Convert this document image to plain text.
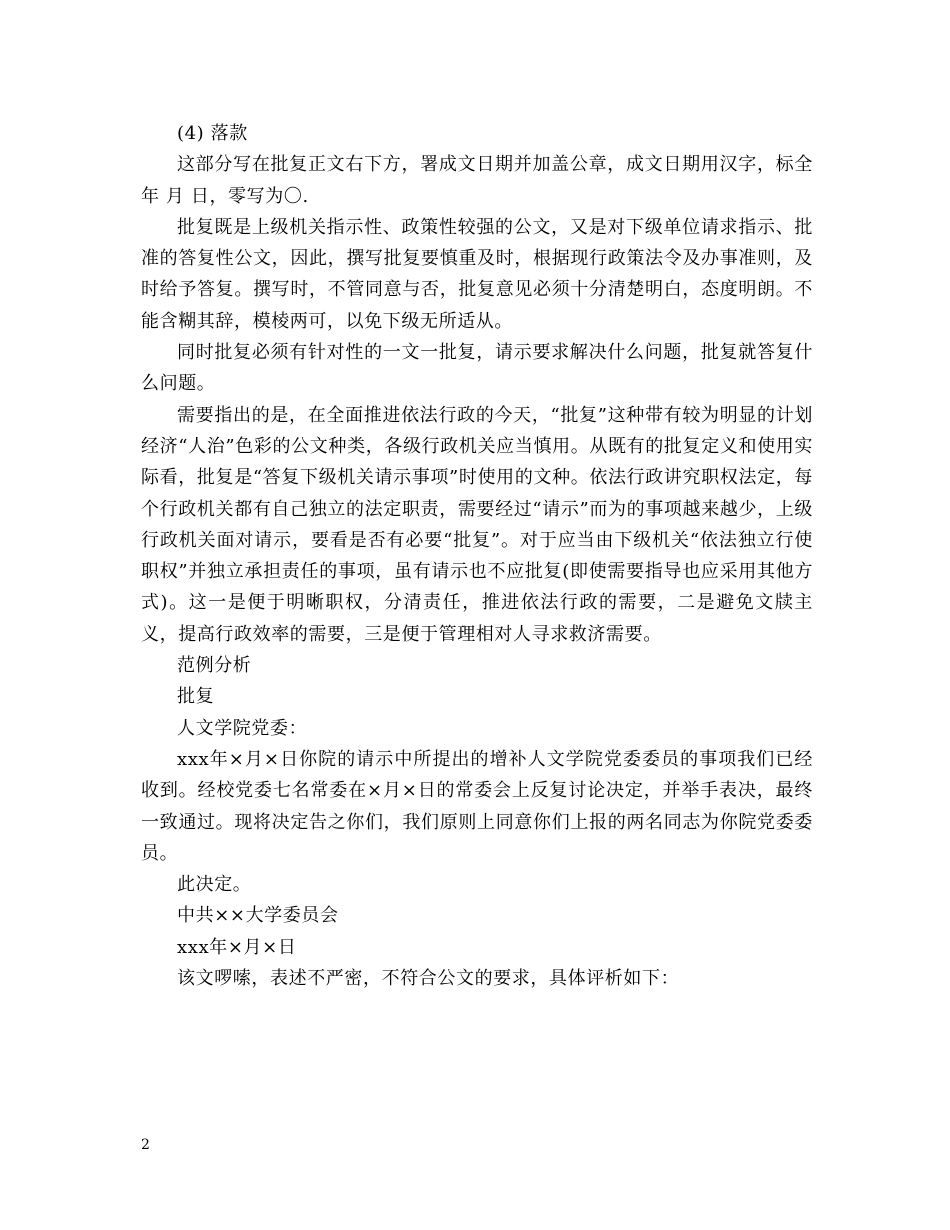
(4) 落款

这部分写在批复正文右下方，署成文日期并加盖公章，成文日期用汉字，标全年 月 日，零写为〇.

批复既是上级机关指示性、政策性较强的公文，又是对下级单位请求指示、批准的答复性公文，因此，撰写批复要慎重及时，根据现行政策法令及办事准则，及时给予答复。撰写时，不管同意与否，批复意见必须十分清楚明白，态度明朗。不能含糊其辞，模棱两可，以免下级无所适从。

同时批复必须有针对性的一文一批复，请示要求解决什么问题，批复就答复什么问题。

需要指出的是，在全面推进依法行政的今天，“批复”这种带有较为明显的计划经济“人治”色彩的公文种类，各级行政机关应当慎用。从既有的批复定义和使用实际看，批复是“答复下级机关请示事项”时使用的文种。依法行政讲究职权法定，每个行政机关都有自己独立的法定职责，需要经过“请示”而为的事项越来越少，上级行政机关面对请示，要看是否有必要“批复”。对于应当由下级机关“依法独立行使职权”并独立承担责任的事项，虽有请示也不应批复(即使需要指导也应采用其他方式)。这一是便于明晰职权，分清责任，推进依法行政的需要，二是避免文牍主义，提高行政效率的需要，三是便于管理相对人寻求救济需要。

范例分析

批复

人文学院党委：

xxx年×月×日你院的请示中所提出的增补人文学院党委委员的事项我们已经收到。经校党委七名常委在×月×日的常委会上反复讨论决定，并举手表决，最终一致通过。现将决定告之你们，我们原则上同意你们上报的两名同志为你院党委委员。

此决定。

中共××大学委员会

xxx年×月×日

该文啰嗦，表述不严密，不符合公文的要求，具体评析如下：

2
